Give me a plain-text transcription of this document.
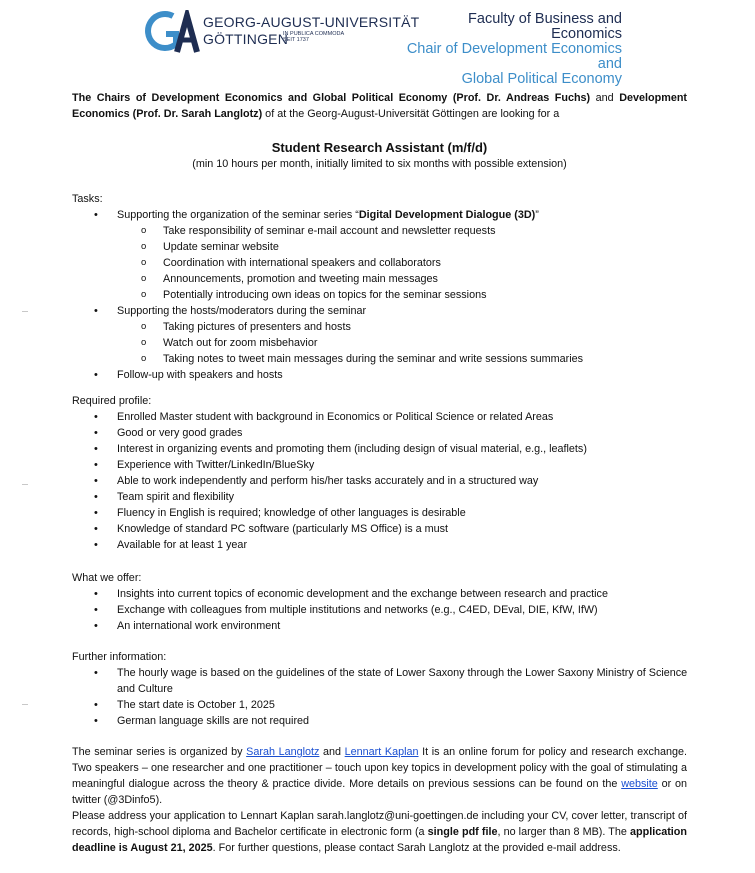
GEORG-AUGUST-UNIVERSITÄT
GÖTTINGEN
IN PUBLICA COMMODA
SEIT 1737
Faculty of Business and Economics
Chair of Development Economics and
Global Political Economy
The Chairs of Development Economics and Global Political Economy (Prof. Dr. Andreas Fuchs) and Development Economics (Prof. Dr. Sarah Langlotz) of at the Georg-August-Universität Göttingen are looking for a
Student Research Assistant (m/f/d)
(min 10 hours per month, initially limited to six months with possible extension)
Tasks:
• Supporting the organization of the seminar series “Digital Development Dialogue (3D)”
o Take responsibility of seminar e-mail account and newsletter requests
o Update seminar website
o Coordination with international speakers and collaborators
o Announcements, promotion and tweeting main messages
o Potentially introducing own ideas on topics for the seminar sessions
• Supporting the hosts/moderators during the seminar
o Taking pictures of presenters and hosts
o Watch out for zoom misbehavior
o Taking notes to tweet main messages during the seminar and write sessions summaries
• Follow-up with speakers and hosts
Required profile:
• Enrolled Master student with background in Economics or Political Science or related Areas
• Good or very good grades
• Interest in organizing events and promoting them (including design of visual material, e.g., leaflets)
• Experience with Twitter/LinkedIn/BlueSky
• Able to work independently and perform his/her tasks accurately and in a structured way
• Team spirit and flexibility
• Fluency in English is required; knowledge of other languages is desirable
• Knowledge of standard PC software (particularly MS Office) is a must
• Available for at least 1 year
What we offer:
• Insights into current topics of economic development and the exchange between research and practice
• Exchange with colleagues from multiple institutions and networks (e.g., C4ED, DEval, DIE, KfW, IfW)
• An international work environment
Further information:
• The hourly wage is based on the guidelines of the state of Lower Saxony through the Lower Saxony Ministry of Science and Culture
• The start date is October 1, 2025
• German language skills are not required
The seminar series is organized by Sarah Langlotz and Lennart Kaplan It is an online forum for policy and research exchange. Two speakers – one researcher and one practitioner – touch upon key topics in development policy with the goal of stimulating a meaningful dialogue across the theory & practice divide. More details on previous sessions can be found on the website or on twitter (@3Dinfo5).
Please address your application to Lennart Kaplan sarah.langlotz@uni-goettingen.de including your CV, cover letter, transcript of records, high-school diploma and Bachelor certificate in electronic form (a single pdf file, no larger than 8 MB). The application deadline is August 21, 2025. For further questions, please contact Sarah Langlotz at the provided e-mail address.
